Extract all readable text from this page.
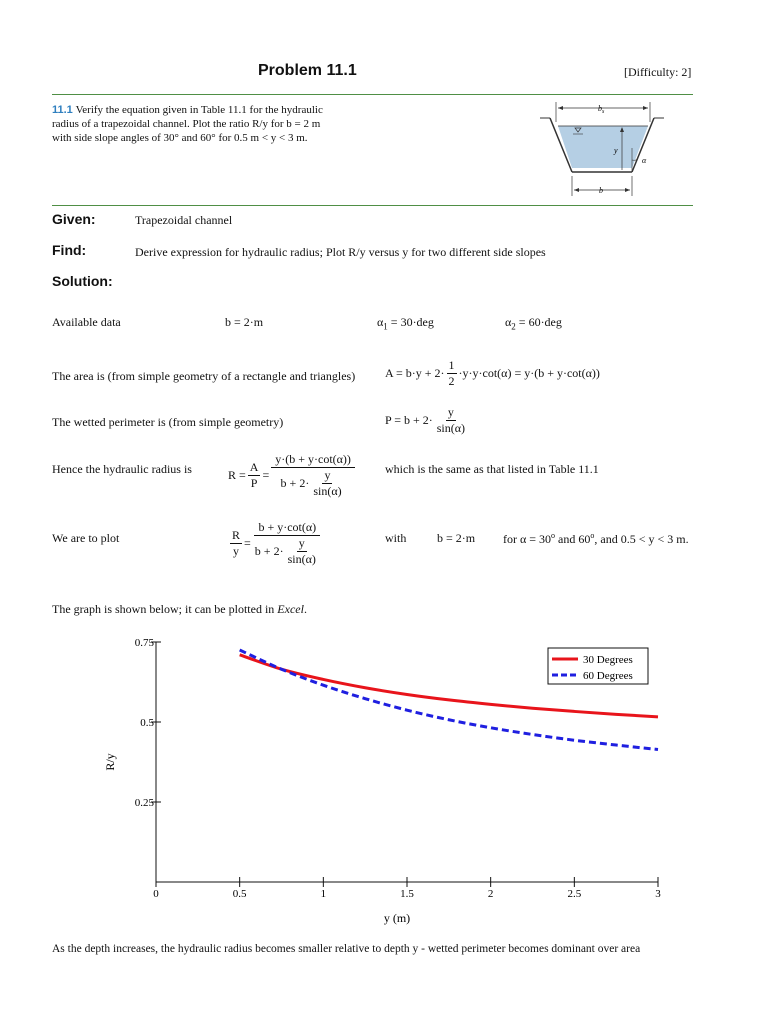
Problem 11.1	[Difficulty: 2]
11.1 Verify the equation given in Table 11.1 for the hydraulic
radius of a trapezoidal channel. Plot the ratio R/y for b = 2 m
with side slope angles of 30° and 60° for 0.5 m < y < 3 m.
$b_s$
y
α
b
Given:	Trapezoidal channel
Find:	Derive expression for hydraulic radius; Plot R/y versus y for two different side slopes
Solution:
Available data	b = 2·m	$\alpha_1 = 30\cdot deg$	$\alpha_2 = 60\cdot deg$
The area is (from simple geometry of a rectangle and triangles) $A = b\cdot y + 2\cdot \frac{1}{2} \cdot y\cdot y\cdot\cot(\alpha) = y\cdot(b + y\cdot\cot(\alpha))$
The wetted perimeter is (from simple geometry)	$P = b + 2\cdot \frac{y}{\sin(\alpha)}$
Hence the hydraulic radius is	$R = \frac{A}{P} = \frac{y\cdot(b + y\cdot\cot(\alpha))}{b + 2\cdot \frac{y}{\sin(\alpha)}}$	which is the same as that listed in Table 11.1
We are to plot	$\frac{R}{y} = \frac{b + y\cdot\cot(\alpha)}{b + 2\cdot \frac{y}{\sin(\alpha)}}$	with	b = 2·m for $\alpha = 30^o$ and 60$^o$, and 0.5 < y < 3 m.
The graph is shown below; it can be plotted in Excel.
0	0.5	1	1.5	2	2.5	3
0.25
0.5
0.75
y (m)
R/y
30 Degrees
60 Degrees
As the depth increases, the hydraulic radius becomes smaller relative to depth y - wetted perimeter becomes dominant over area
